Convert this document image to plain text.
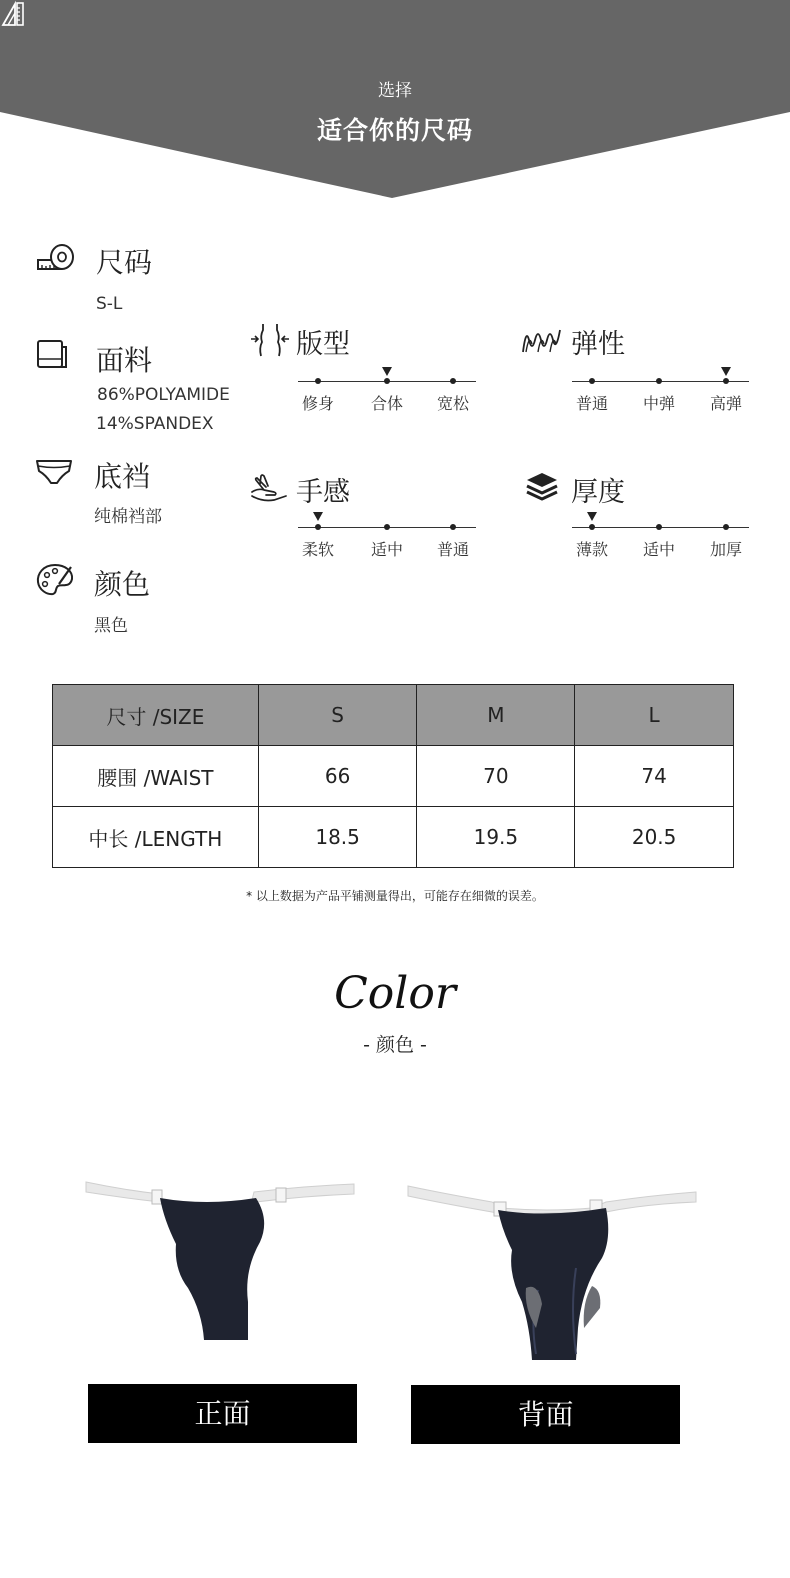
选择
适合你的尺码
尺码
S-L
面料
86%POLYAMIDE
14%SPANDEX
底裆
纯棉裆部
颜色
黑色
版型
修身	合体	宽松
弹性
普通	中弹	高弹
手感
柔软	适中	普通
厚度
薄款	适中	加厚
尺寸 /SIZE	S	M	L
腰围 /WAIST	66	70	74
中长 /LENGTH	18.5	19.5	20.5
* 以上数据为产品平铺测量得出，可能存在细微的误差。
Color
- 颜色 -
正面	背面
